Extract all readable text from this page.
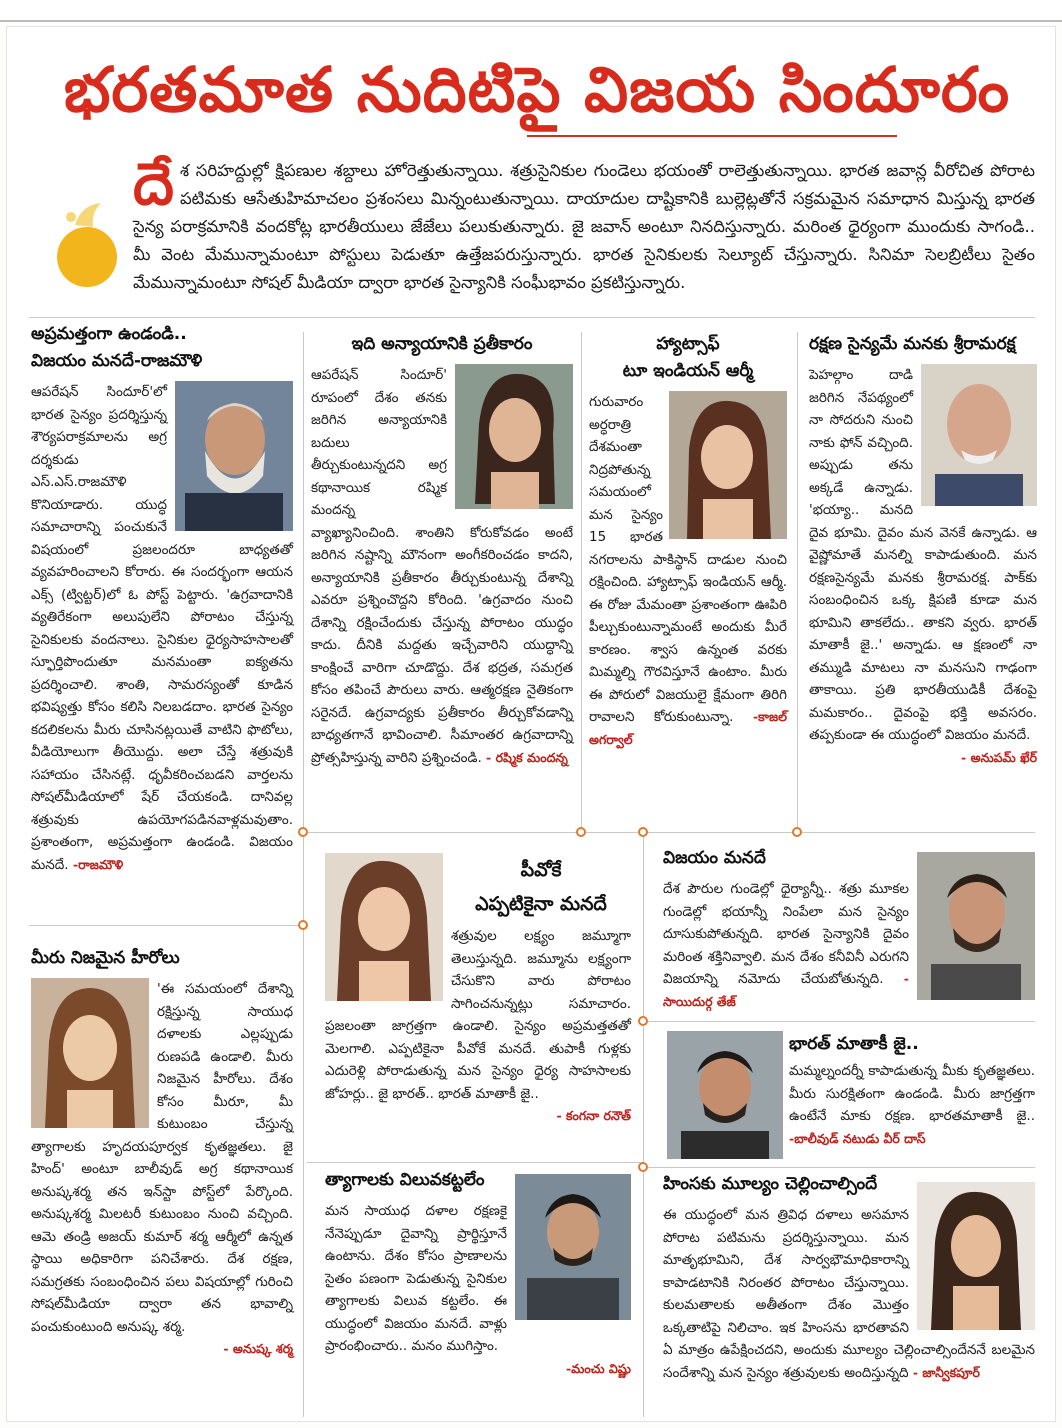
భరతమాత నుదిటిపై విజయ సిందూరం
దే శ సరిహద్దుల్లో క్షిపణుల శబ్దాలు హోరెత్తుతున్నాయి. శత్రుసైనికుల గుండెలు భయంతో రాలెత్తుతున్నాయి. భారత జవాన్ల వీరోచిత పోరాట పటిమకు ఆసేతుహిమాచలం ప్రశంసలు మిన్నంటుతున్నాయి. దాయాదుల దాష్టికానికి బుల్లెట్లతోనే సక్రమమైన సమాధాన మిస్తున్న భారత సైన్య పరాక్రమానికి వందకోట్ల భారతీయులు జేజేలు పలుకుతున్నారు. జై జవాన్ అంటూ నినదిస్తున్నారు. మరింత ధైర్యంగా ముందుకు సాగండి.. మీ వెంట మేమున్నామంటూ పోస్టులు పెడుతూ ఉత్తేజపరుస్తున్నారు. భారత సైనికులకు సెల్యూట్ చేస్తున్నారు. సినిమా సెలబ్రిటీలు సైతం మేమున్నామంటూ సోషల్ మీడియా ద్వారా భారత సైన్యానికి సంఘీభావం ప్రకటిస్తున్నారు.
అప్రమత్తంగా ఉండండి..
విజయం మనదే-రాజమౌళి
ఆపరేషన్ సిందూర్'లో భారత సైన్యం ప్రదర్శిస్తున్న శౌర్యపరాక్రమాలను అగ్ర దర్శకుడు ఎస్.ఎస్.రాజమౌళి కొనియాడారు. యుద్ధ సమాచారాన్ని పంచుకునే విషయంలో ప్రజలందరూ బాధ్యతతో వ్యవహరించాలని కోరారు. ఈ సందర్భంగా ఆయన ఎక్స్ (ట్విట్టర్)లో ఓ పోస్ట్ పెట్టారు. 'ఉగ్రవాదానికి వ్యతిరేకంగా అలుపులేని పోరాటం చేస్తున్న సైనికులకు వందనాలు. సైనికుల ధైర్యసాహసాలతో స్ఫూర్తిపొందుతూ మనమంతా ఐక్యతను ప్రదర్శించాలి. శాంతి, సామరస్యంతో కూడిన భవిష్యత్తు కోసం కలిసి నిలబడదాం. భారత సైన్యం కదలికలను మీరు చూసినట్లయితే వాటిని ఫొటోలు, వీడియోలుగా తీయొద్దు. అలా చేస్తే శత్రువుకి సహాయం చేసినట్లే. ధృవీకరించబడని వార్తలను సోషల్‌మీడియాలో షేర్ చేయకండి. దానివల్ల శత్రువుకు ఉపయోగపడినవాళ్లమవుతాం. ప్రశాంతంగా, అప్రమత్తంగా ఉండండి. విజయం మనదే. -రాజమౌళి
ఇది అన్యాయానికి ప్రతీకారం
ఆపరేషన్ సిందూర్' రూపంలో దేశం తనకు జరిగిన అన్యాయానికి బదులు తీర్చుకుంటున్నదని అగ్ర కథానాయిక రష్మిక మందన్న వ్యాఖ్యానించింది. శాంతిని కోరుకోవడం అంటే జరిగిన నష్టాన్ని మౌనంగా అంగీకరించడం కాదని, అన్యాయానికి ప్రతీకారం తీర్చుకుంటున్న దేశాన్ని ఎవరూ ప్రశ్నించొద్దని కోరింది. 'ఉగ్రవాదం నుంచి దేశాన్ని రక్షించేందుకు చేస్తున్న పోరాటం యుద్ధం కాదు. దీనికి మద్దతు ఇచ్చేవారిని యుద్ధాన్ని కాంక్షించే వారిగా చూడొద్దు. దేశ భద్రత, సమగ్రత కోసం తపించే పౌరులు వారు. ఆత్మరక్షణ నైతికంగా సరైనదే. ఉగ్రవాద్యకు ప్రతీకారం తీర్చుకోవడాన్ని బాధ్యతగానే భావించాలి. సీమాంతర ఉగ్రవాదాన్ని ప్రోత్సహిస్తున్న వారిని ప్రశ్నించండి. - రష్మిక మందన్న
హ్యాట్సాఫ్
టూ ఇండియన్ ఆర్మీ
గురువారం అర్ధరాత్రి దేశమంతా నిద్రపోతున్న సమయంలో మన సైన్యం 15 భారత నగరాలను పాకిస్థాన్ దాడుల నుంచి రక్షించింది. హ్యాట్సాఫ్ ఇండియన్ ఆర్మీ. ఈ రోజు మేమంతా ప్రశాంతంగా ఊపిరి పీల్చుకుంటున్నామంటే అందుకు మీరే కారణం. శ్వాస ఉన్నంత వరకు మిమ్మల్ని గౌరవిస్తూనే ఉంటాం. మీరు ఈ పోరులో విజయులై క్షేమంగా తిరిగి రావాలని కోరుకుంటున్నా. -కాజల్ అగర్వాల్
రక్షణ సైన్యమే మనకు శ్రీరామరక్ష
పెహల్గాం దాడి జరిగిన నేపథ్యంలో నా సోదరుని నుంచి నాకు ఫోన్ వచ్చింది. అప్పుడు తను అక్కడే ఉన్నాడు. 'భయ్యా.. మనది దైవ భూమి. దైవం మన వెనకే ఉన్నాడు. ఆ వైష్ణోమాతే మనల్ని కాపాడుతుంది. మన రక్షణసైన్యమే మనకు శ్రీరామరక్ష. పాక్‌కు సంబంధించిన ఒక్క క్షిపణి కూడా మన భూమిని తాకలేదు.. తాకని వ్వరు. భారత్ మాతాకీ జై..' అన్నాడు. ఆ క్షణంలో నా తమ్ముడి మాటలు నా మనసుని గాఢంగా తాకాయి. ప్రతి భారతీయుడికీ దేశంపై మమకారం.. దైవంపై భక్తి అవసరం. తప్పకుండా ఈ యుద్ధంలో విజయం మనదే.
- అనుపమ్ ఖేర్
మీరు నిజమైన హీరోలు
'ఈ సమయంలో దేశాన్ని రక్షిస్తున్న సాయుధ దళాలకు ఎల్లప్పుడు రుణపడి ఉండాలి. మీరు నిజమైన హీరోలు. దేశం కోసం మీరూ, మీ కుటుంబం చేస్తున్న త్యాగాలకు హృదయపూర్వక కృతజ్ఞతలు. జై హింద్' అంటూ బాలీవుడ్ అగ్ర కథానాయిక అనుష్కశర్మ తన ఇన్‌స్టా పోస్ట్‌లో పేర్కొంది. అనుష్కశర్మ మిలటరీ కుటుంబం నుంచి వచ్చింది. ఆమె తండ్రి అజయ్ కుమార్ శర్మ ఆర్మీలో ఉన్నత స్థాయి అధికారిగా పనిచేశారు. దేశ రక్షణ, సమగ్రతకు సంబంధించిన పలు విషయాల్లో గురించి సోషల్‌మీడియా ద్వారా తన భావాల్ని పంచుకుంటుంది అనుష్క శర్మ.
- అనుష్క శర్మ
పీవోకే
ఎప్పటికైనా మనదే
శత్రువుల లక్ష్యం జమ్మూగా తెలుస్తున్నది. జమ్మూను లక్ష్యంగా చేసుకొని వారు పోరాటం సాగించనున్నట్లు సమాచారం. ప్రజలంతా జాగ్రత్తగా ఉండాలి. సైన్యం అప్రమత్తతతో మెలగాలి. ఎప్పటికైనా పీవోకే మనదే. తుపాకీ గుళ్లకు ఎదురెళ్లి పోరాడుతున్న మన సైన్యం ధైర్య సాహసాలకు జోహర్లు.. జై భారత్.. భారత్ మాతాకీ జై..
- కంగనా రనౌత్
విజయం మనదే
దేశ పౌరుల గుండెల్లో ధైర్యాన్నీ.. శత్రు మూకల గుండెల్లో భయాన్నీ నింపేలా మన సైన్యం దూసుకుపోతున్నది. భారత సైన్యానికి దైవం మరింత శక్తినివ్వాలి. మన దేశం కనీవినీ ఎరుగని విజయాన్ని నమోదు చేయబోతున్నది. - సాయిదుర్గ తేజ్
భారత్ మాతాకీ జై..
మమ్మల్నందర్నీ కాపాడుతున్న మీకు కృతజ్ఞతలు. మీరు సురక్షితంగా ఉండండి. మీరు జాగ్రత్తగా ఉంటేనే మాకు రక్షణ. భారతమాతాకీ జై.. -బాలీవుడ్ నటుడు వీర్ దాస్
త్యాగాలకు విలువకట్టలేం
మన సాయుధ దళాల రక్షణకై నేనెప్పుడూ దైవాన్ని ప్రార్థిస్తూనే ఉంటాను. దేశం కోసం ప్రాణాలను సైతం పణంగా పెడుతున్న సైనికుల త్యాగాలకు విలువ కట్టలేం. ఈ యుద్ధంలో విజయం మనదే. వాళ్లు ప్రారంభించారు.. మనం ముగిస్తాం.
-మంచు విష్ణు
హింసకు మూల్యం చెల్లించాల్సిందే
ఈ యుద్ధంలో మన త్రివిధ దళాలు అసమాన పోరాట పటిమను ప్రదర్శిస్తున్నాయి. మన మాతృభూమిని, దేశ సార్వభౌమాధికారాన్ని కాపాడటానికి నిరంతర పోరాటం చేస్తున్నాయి. కులమతాలకు అతీతంగా దేశం మొత్తం ఒక్కతాటిపై నిలిచాం. ఇక హింసను భారతావని ఏ మాత్రం ఉపేక్షించదని, అందుకు మూల్యం చెల్లించాల్సిందేననే బలమైన సందేశాన్ని మన సైన్యం శత్రువులకు అందిస్తున్నది - జాన్వీకపూర్
